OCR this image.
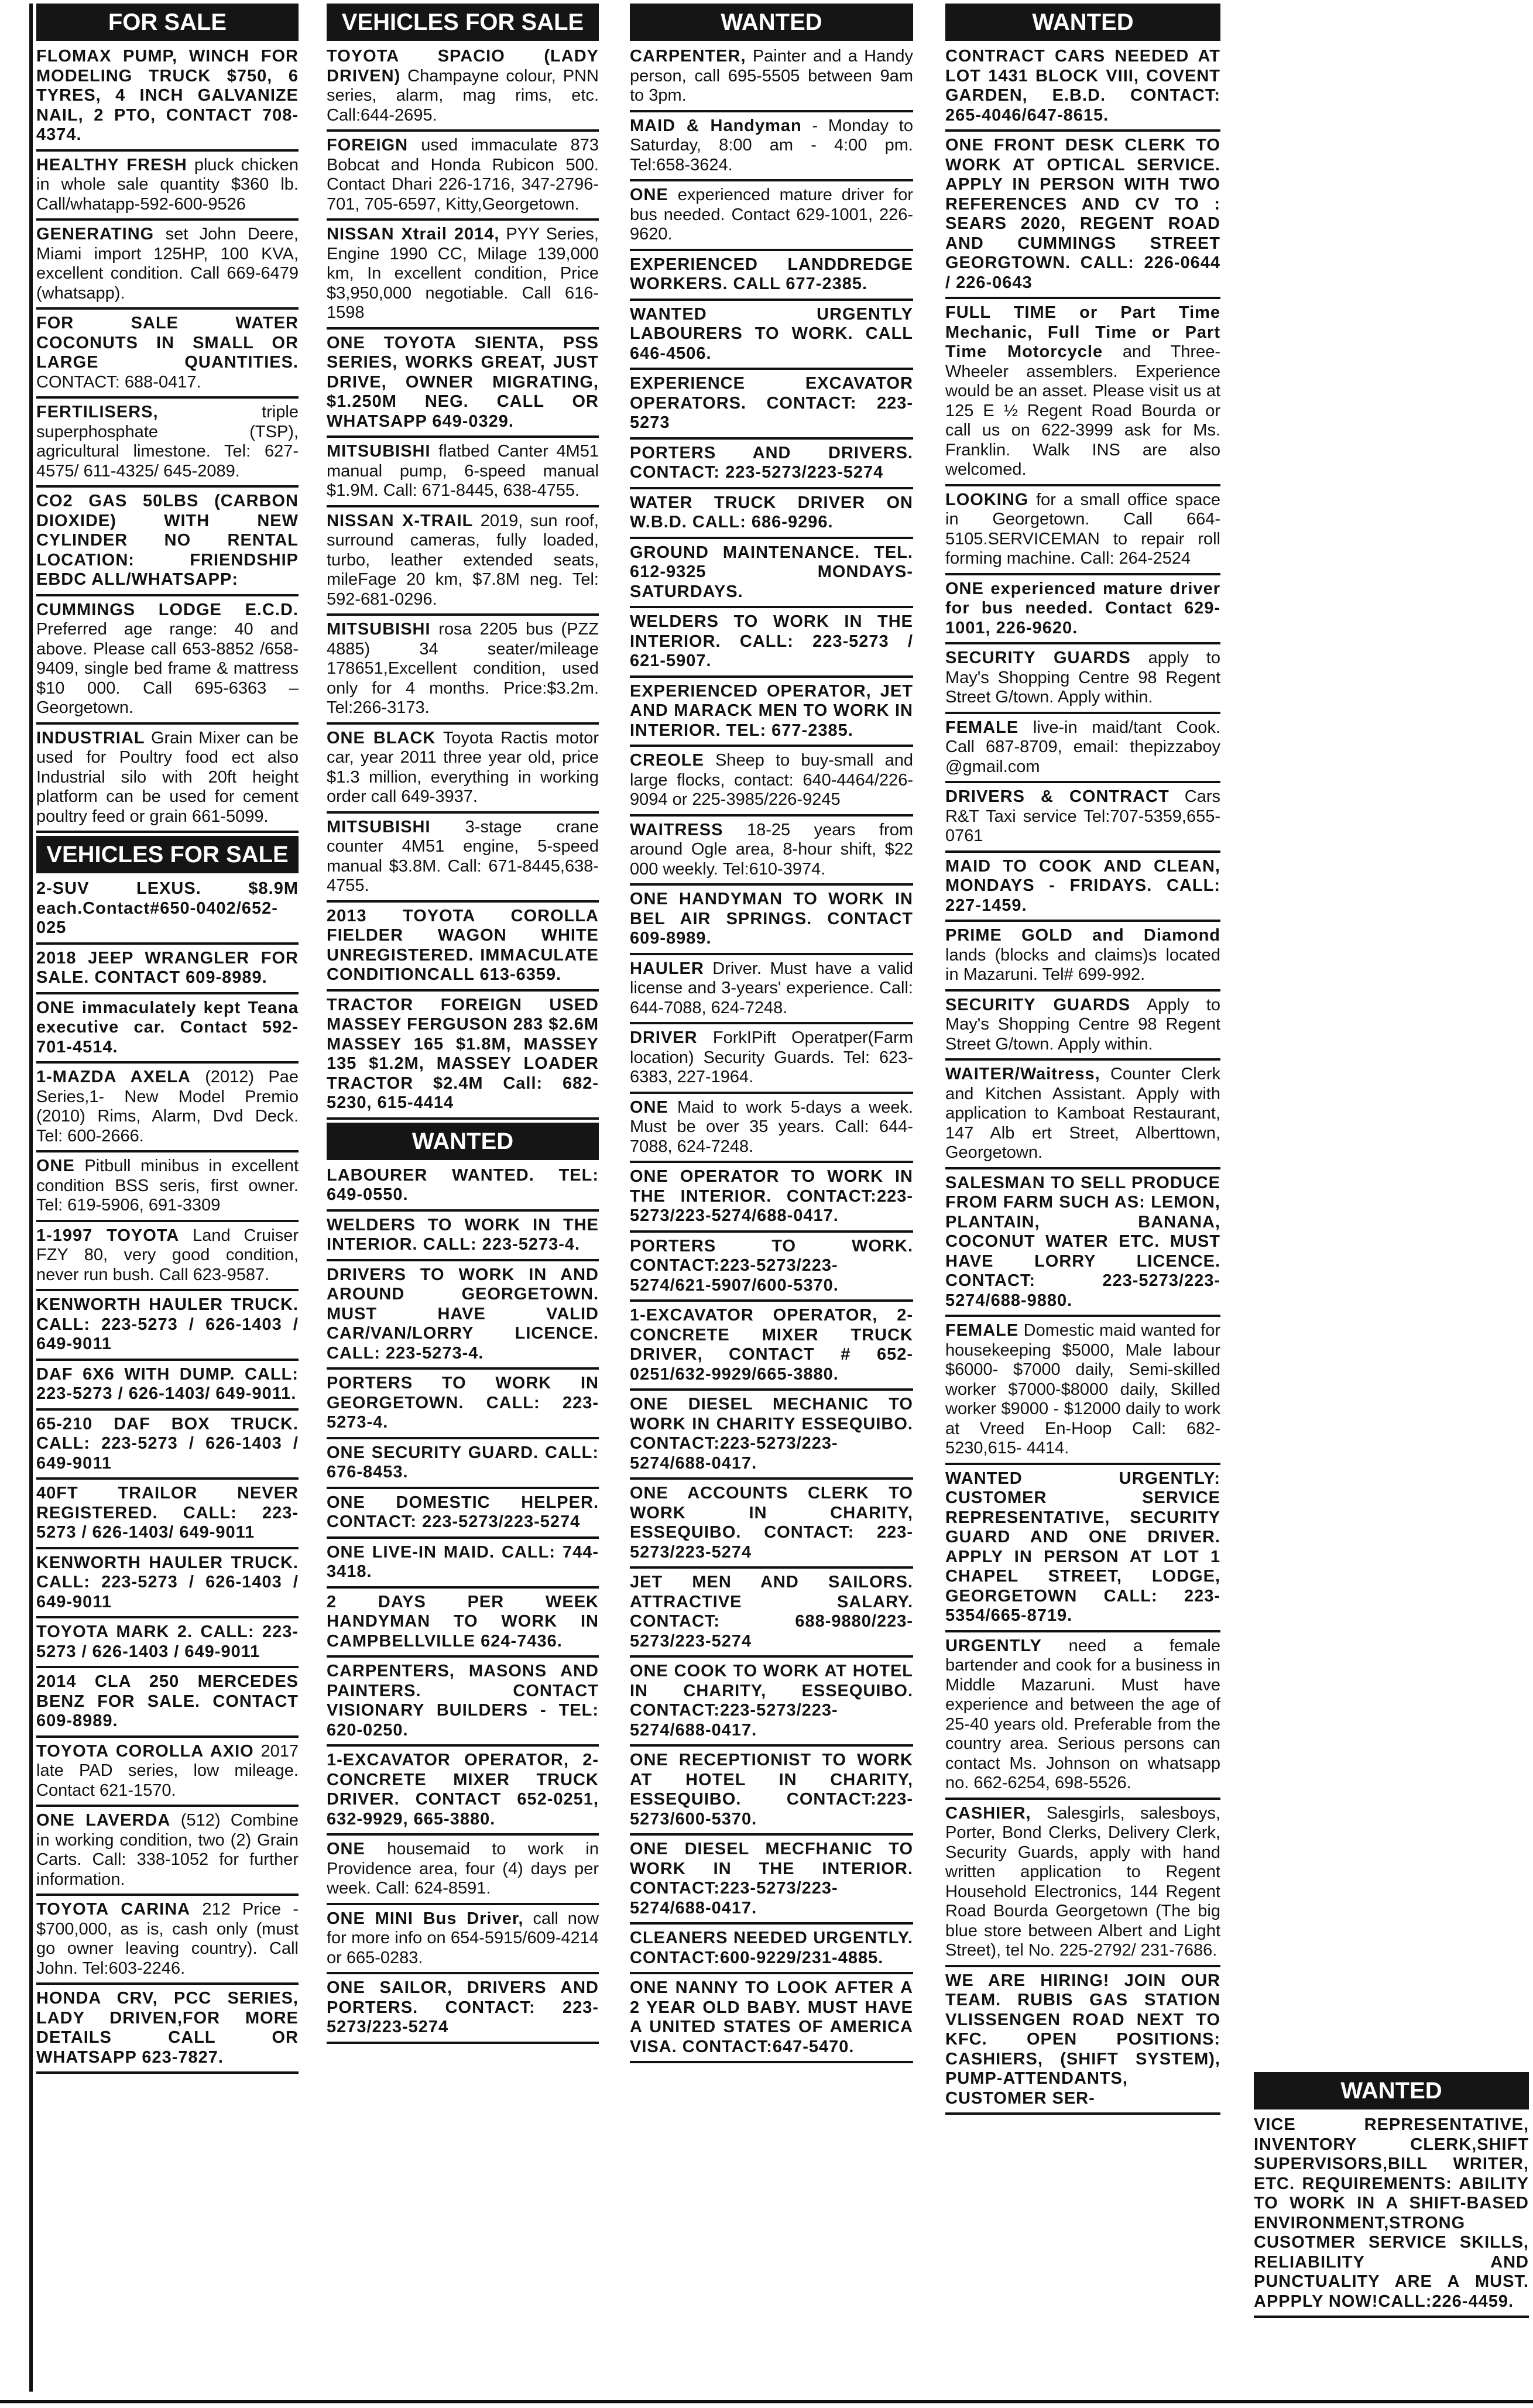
FOR SALE
FLOMAX PUMP, WINCH FOR MODELING TRUCK $750, 6 TYRES, 4 INCH GALVANIZE NAIL, 2 PTO, CONTACT 708-4374.
HEALTHY FRESH pluck chicken in whole sale quantity $360 lb. Call/whatapp-592-600-9526
GENERATING set John Deere, Miami import 125HP, 100 KVA, excellent condition. Call 669-6479 (whatsapp).
FOR SALE WATER COCONUTS IN SMALL OR LARGE QUANTITIES. CONTACT: 688-0417.
FERTILISERS,	triple superphosphate (TSP), agricultural limestone. Tel: 627-4575/ 611-4325/ 645-2089.
CO2 GAS 50LBS (CARBON DIOXIDE) WITH NEW CYLINDER NO RENTAL LOCATION: FRIENDSHIP EBDC ALL/WHATSAPP:
CUMMINGS LODGE E.C.D. Preferred age range: 40 and above. Please call 653-8852 /658-9409, single bed frame & mattress $10 000. Call 695-6363 – Georgetown.
INDUSTRIAL Grain Mixer can be used for Poultry food ect also Industrial silo with 20ft height platform can be used for cement poultry feed or grain 661-5099.
VEHICLES FOR SALE
2-SUV LEXUS. $8.9M each.Contact#650-0402/652-025
2018 JEEP WRANGLER FOR SALE. CONTACT 609-8989.
ONE immaculately kept Teana executive car. Contact 592-701-4514.
1-MAZDA AXELA (2012) Pae Series,1- New Model Premio (2010) Rims, Alarm, Dvd Deck. Tel: 600-2666.
ONE Pitbull minibus in excellent condition BSS seris, first owner. Tel: 619-5906, 691-3309
1-1997 TOYOTA Land Cruiser FZY 80, very good condition, never run bush. Call 623-9587.
KENWORTH HAULER TRUCK. CALL: 223-5273 / 626-1403 / 649-9011
DAF 6X6 WITH DUMP. CALL: 223-5273 / 626-1403/ 649-9011.
65-210 DAF BOX TRUCK. CALL: 223-5273 / 626-1403 / 649-9011
40FT TRAILOR NEVER REGISTERED. CALL: 223-5273 / 626-1403/ 649-9011
KENWORTH HAULER TRUCK. CALL: 223-5273 / 626-1403 / 649-9011
TOYOTA MARK 2. CALL: 223-5273 / 626-1403 / 649-9011
2014 CLA 250 MERCEDES BENZ FOR SALE. CONTACT 609-8989.
TOYOTA COROLLA AXIO 2017 late PAD series, low mileage. Contact 621-1570.
ONE LAVERDA (512) Combine in working condition, two (2) Grain Carts. Call: 338-1052 for further information.
TOYOTA CARINA 212 Price - $700,000, as is, cash only (must go owner leaving country). Call John. Tel:603-2246.
HONDA CRV, PCC SERIES, LADY DRIVEN,FOR MORE DETAILS CALL OR WHATSAPP 623-7827.
VEHICLES FOR SALE
TOYOTA SPACIO (LADY DRIVEN) Champayne colour, PNN series, alarm, mag rims, etc. Call:644-2695.
FOREIGN used immaculate 873 Bobcat and Honda Rubicon 500. Contact Dhari 226-1716, 347-2796-701, 705-6597, Kitty,Georgetown.
NISSAN Xtrail 2014, PYY Series, Engine 1990 CC, Milage 139,000 km, In excellent condition, Price $3,950,000 negotiable. Call 616-1598
ONE TOYOTA SIENTA, PSS SERIES, WORKS GREAT, JUST DRIVE, OWNER MIGRATING, $1.250M NEG. CALL OR WHATSAPP 649-0329.
MITSUBISHI flatbed Canter 4M51 manual pump, 6-speed manual $1.9M. Call: 671-8445, 638-4755.
NISSAN X-TRAIL 2019, sun roof, surround cameras, fully loaded, turbo, leather extended seats, mileFage 20 km, $7.8M neg. Tel: 592-681-0296.
MITSUBISHI rosa 2205 bus (PZZ 4885) 34 seater/mileage 178651,Excellent condition, used only for 4 months. Price:$3.2m. Tel:266-3173.
ONE BLACK Toyota Ractis motor car, year 2011 three year old, price $1.3 million, everything in working order call 649-3937.
MITSUBISHI 3-stage crane counter 4M51 engine, 5-speed manual $3.8M. Call: 671-8445,638-4755.
2013 TOYOTA COROLLA FIELDER WAGON WHITE UNREGISTERED. IMMACULATE CONDITIONCALL 613-6359.
TRACTOR FOREIGN USED MASSEY FERGUSON 283 $2.6M MASSEY 165 $1.8M, MASSEY 135 $1.2M, MASSEY LOADER TRACTOR $2.4M Call: 682-5230, 615-4414
WANTED
LABOURER WANTED. TEL: 649-0550.
WELDERS TO WORK IN THE INTERIOR. CALL: 223-5273-4.
DRIVERS TO WORK IN AND AROUND GEORGETOWN. MUST HAVE VALID CAR/VAN/LORRY LICENCE. CALL: 223-5273-4.
PORTERS TO WORK IN GEORGETOWN. CALL: 223-5273-4.
ONE SECURITY GUARD. CALL: 676-8453.
ONE DOMESTIC HELPER. CONTACT: 223-5273/223-5274
ONE LIVE-IN MAID. CALL: 744-3418.
2 DAYS PER WEEK HANDYMAN TO WORK IN CAMPBELLVILLE 624-7436.
CARPENTERS, MASONS AND PAINTERS. CONTACT VISIONARY BUILDERS - TEL: 620-0250.
1-EXCAVATOR OPERATOR, 2-CONCRETE MIXER TRUCK DRIVER. CONTACT 652-0251, 632-9929, 665-3880.
ONE housemaid to work in Providence area, four (4) days per week. Call: 624-8591.
ONE MINI Bus Driver, call now for more info on 654-5915/609-4214 or 665-0283.
ONE SAILOR, DRIVERS AND PORTERS. CONTACT: 223-5273/223-5274
WANTED
CARPENTER, Painter and a Handy person, call 695-5505 between 9am to 3pm.
MAID & Handyman - Monday to Saturday, 8:00 am - 4:00 pm. Tel:658-3624.
ONE experienced mature driver for bus needed. Contact 629-1001, 226-9620.
EXPERIENCED LANDDREDGE WORKERS. CALL 677-2385.
WANTED URGENTLY LABOURERS TO WORK. CALL 646-4506.
EXPERIENCE EXCAVATOR OPERATORS. CONTACT: 223-5273
PORTERS AND DRIVERS. CONTACT: 223-5273/223-5274
WATER TRUCK DRIVER ON W.B.D. CALL: 686-9296.
GROUND MAINTENANCE. TEL. 612-9325 MONDAYS-SATURDAYS.
WELDERS TO WORK IN THE INTERIOR. CALL: 223-5273 / 621-5907.
EXPERIENCED OPERATOR, JET AND MARACK MEN TO WORK IN INTERIOR. TEL: 677-2385.
CREOLE Sheep to buy-small and large flocks, contact: 640-4464/226-9094 or 225-3985/226-9245
WAITRESS 18-25 years from around Ogle area, 8-hour shift, $22 000 weekly. Tel:610-3974.
ONE HANDYMAN TO WORK IN BEL AIR SPRINGS. CONTACT 609-8989.
HAULER Driver. Must have a valid license and 3-years' experience. Call: 644-7088, 624-7248.
DRIVER ForkIPift Operatper(Farm location) Security Guards. Tel: 623-6383, 227-1964.
ONE Maid to work 5-days a week. Must be over 35 years. Call: 644-7088, 624-7248.
ONE OPERATOR TO WORK IN THE INTERIOR. CONTACT:223-5273/223-5274/688-0417.
PORTERS TO WORK. CONTACT:223-5273/223-5274/621-5907/600-5370.
1-EXCAVATOR OPERATOR, 2- CONCRETE MIXER TRUCK DRIVER, CONTACT # 652-0251/632-9929/665-3880.
ONE DIESEL MECHANIC TO WORK IN CHARITY ESSEQUIBO. CONTACT:223-5273/223-5274/688-0417.
ONE ACCOUNTS CLERK TO WORK IN CHARITY, ESSEQUIBO. CONTACT: 223-5273/223-5274
JET MEN AND SAILORS. ATTRACTIVE SALARY. CONTACT: 688-9880/223-5273/223-5274
ONE COOK TO WORK AT HOTEL IN CHARITY, ESSEQUIBO. CONTACT:223-5273/223-5274/688-0417.
ONE RECEPTIONIST TO WORK AT HOTEL IN CHARITY, ESSEQUIBO. CONTACT:223-5273/600-5370.
ONE DIESEL MECFHANIC TO WORK IN THE INTERIOR. CONTACT:223-5273/223-5274/688-0417.
CLEANERS NEEDED URGENTLY. CONTACT:600-9229/231-4885.
ONE NANNY TO LOOK AFTER A 2 YEAR OLD BABY. MUST HAVE A UNITED STATES OF AMERICA VISA. CONTACT:647-5470.
WANTED
CONTRACT CARS NEEDED AT LOT 1431 BLOCK VIII, COVENT GARDEN, E.B.D. CONTACT: 265-4046/647-8615.
ONE FRONT DESK CLERK TO WORK AT OPTICAL SERVICE. APPLY IN PERSON WITH TWO REFERENCES AND CV TO : SEARS 2020, REGENT ROAD AND CUMMINGS STREET GEORGTOWN. CALL: 226-0644 / 226-0643
FULL TIME or Part Time Mechanic, Full Time or Part Time Motorcycle and Three-Wheeler assemblers. Experience would be an asset. Please visit us at 125 E ½ Regent Road Bourda or call us on 622-3999 ask for Ms. Franklin. Walk INS are also welcomed.
LOOKING for a small office space in Georgetown. Call 664-5105.SERVICEMAN to repair roll forming machine. Call: 264-2524
ONE experienced mature driver for bus needed. Contact 629-1001, 226-9620.
SECURITY GUARDS apply to May's Shopping Centre 98 Regent Street G/town. Apply within.
FEMALE live-in maid/tant Cook. Call 687-8709, email: thepizzaboy @gmail.com
DRIVERS & CONTRACT Cars R&T Taxi service Tel:707-5359,655-0761
MAID TO COOK AND CLEAN, MONDAYS - FRIDAYS. CALL: 227-1459.
PRIME GOLD and Diamond lands (blocks and claims)s located in Mazaruni. Tel# 699-992.
SECURITY GUARDS Apply to May's Shopping Centre 98 Regent Street G/town. Apply within.
WAITER/Waitress, Counter Clerk and Kitchen Assistant. Apply with application to Kamboat Restaurant, 147 Alb ert Street, Alberttown, Georgetown.
SALESMAN TO SELL PRODUCE FROM FARM SUCH AS: LEMON, PLANTAIN, BANANA, COCONUT WATER ETC. MUST HAVE LORRY LICENCE. CONTACT: 223-5273/223-5274/688-9880.
FEMALE Domestic maid wanted for housekeeping $5000, Male labour $6000- $7000 daily, Semi-skilled worker $7000-$8000 daily, Skilled worker $9000 - $12000 daily to work at Vreed En-Hoop Call: 682-5230,615- 4414.
WANTED URGENTLY: CUSTOMER SERVICE REPRESENTATIVE, SECURITY GUARD AND ONE DRIVER. APPLY IN PERSON AT LOT 1 CHAPEL STREET, LODGE, GEORGETOWN CALL: 223-5354/665-8719.
URGENTLY need a female bartender and cook for a business in Middle Mazaruni. Must have experience and between the age of 25-40 years old. Preferable from the country area. Serious persons can contact Ms. Johnson on whatsapp no. 662-6254, 698-5526.
CASHIER, Salesgirls, salesboys, Porter, Bond Clerks, Delivery Clerk, Security Guards, apply with hand written application to Regent Household Electronics, 144 Regent Road Bourda Georgetown (The big blue store between Albert and Light Street), tel No. 225-2792/ 231-7686.
WE ARE HIRING! JOIN OUR TEAM. RUBIS GAS STATION VLISSENGEN ROAD NEXT TO KFC. OPEN POSITIONS: CASHIERS, (SHIFT SYSTEM), PUMP-ATTENDANTS, CUSTOMER SER-	WANTED
VICE REPRESENTATIVE, INVENTORY CLERK,SHIFT SUPERVISORS,BILL WRITER, ETC. REQUIREMENTS: ABILITY TO WORK IN A SHIFT-BASED ENVIRONMENT,STRONG CUSOTMER SERVICE SKILLS, RELIABILITY AND PUNCTUALITY ARE A MUST. APPPLY NOW!CALL:226-4459.
